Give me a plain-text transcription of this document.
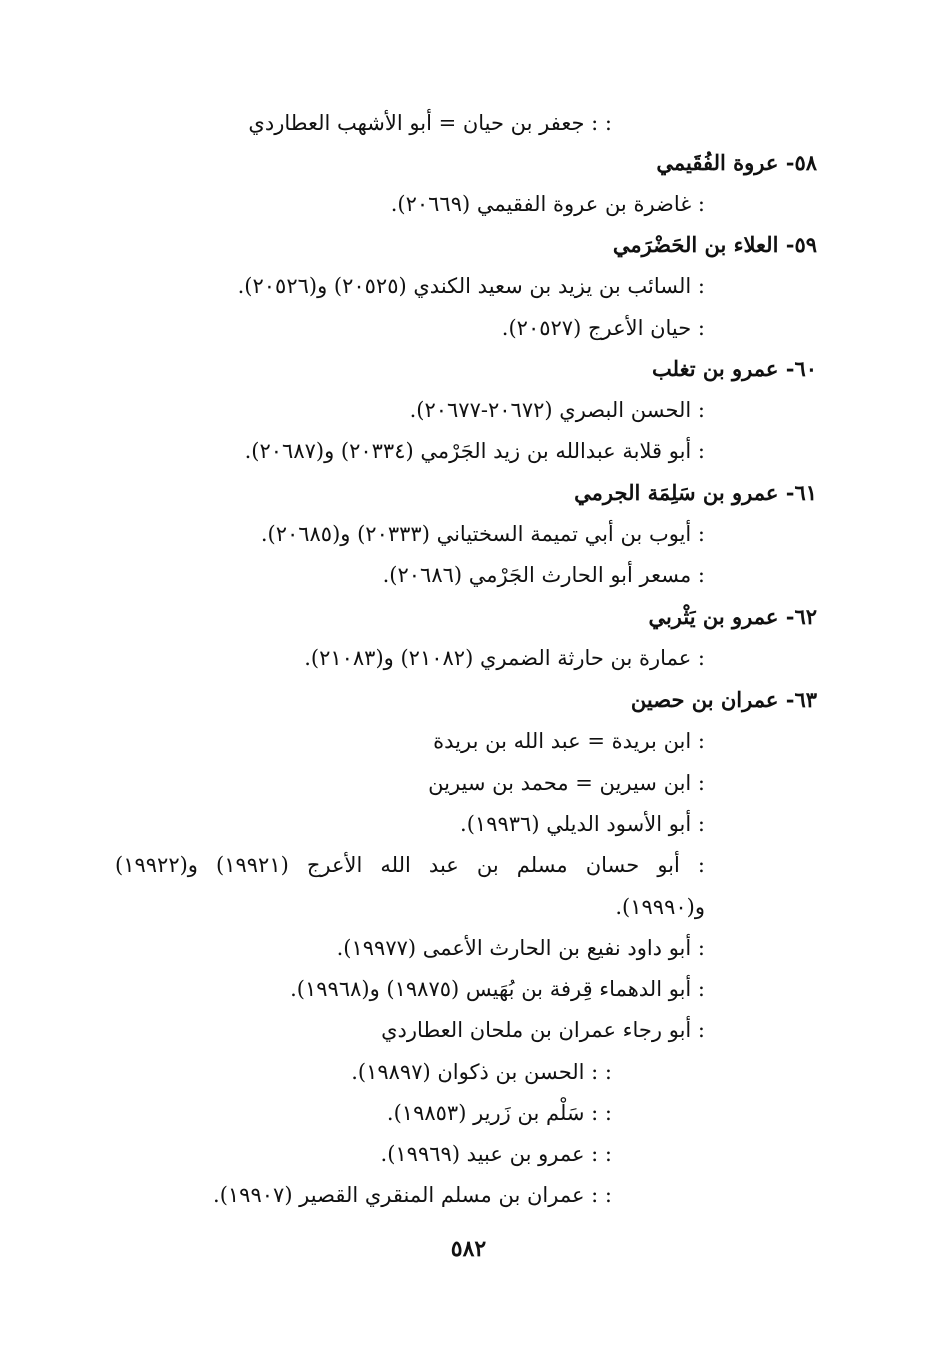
: : جعفر بن حيان = أبو الأشهب العطاردي
٥٨- عروة الفُقَيمي
: غاضرة بن عروة الفقيمي (٢٠٦٦٩).
٥٩- العلاء بن الحَضْرَمي
: السائب بن يزيد بن سعيد الكندي (٢٠٥٢٥) و(٢٠٥٢٦).
: حيان الأعرج (٢٠٥٢٧).
٦٠- عمرو بن تغلب
: الحسن البصري (٢٠٦٧٢-٢٠٦٧٧).
: أبو قلابة عبدالله بن زيد الجَرْمي (٢٠٣٣٤) و(٢٠٦٨٧).
٦١- عمرو بن سَلِمَة الجرمي
: أيوب بن أبي تميمة السختياني (٢٠٣٣٣) و(٢٠٦٨٥).
: مسعر أبو الحارث الجَرْمي (٢٠٦٨٦).
٦٢- عمرو بن يَثْربي
: عمارة بن حارثة الضمري (٢١٠٨٢) و(٢١٠٨٣).
٦٣- عمران بن حصين
: ابن بريدة = عبد الله بن بريدة
: ابن سيرين = محمد بن سيرين
: أبو الأسود الديلي (١٩٩٣٦).
: أبو حسان مسلم بن عبد الله الأعرج (١٩٩٢١) و(١٩٩٢٢)
و(١٩٩٩٠).
: أبو داود نفيع بن الحارث الأعمى (١٩٩٧٧).
: أبو الدهماء قِرفة بن بُهَيس (١٩٨٧٥) و(١٩٩٦٨).
: أبو رجاء عمران بن ملحان العطاردي
: : الحسن بن ذكوان (١٩٨٩٧).
: : سَلْم بن زَرير (١٩٨٥٣).
: : عمرو بن عبيد (١٩٩٦٩).
: : عمران بن مسلم المنقري القصير (١٩٩٠٧).
٥٨٢
